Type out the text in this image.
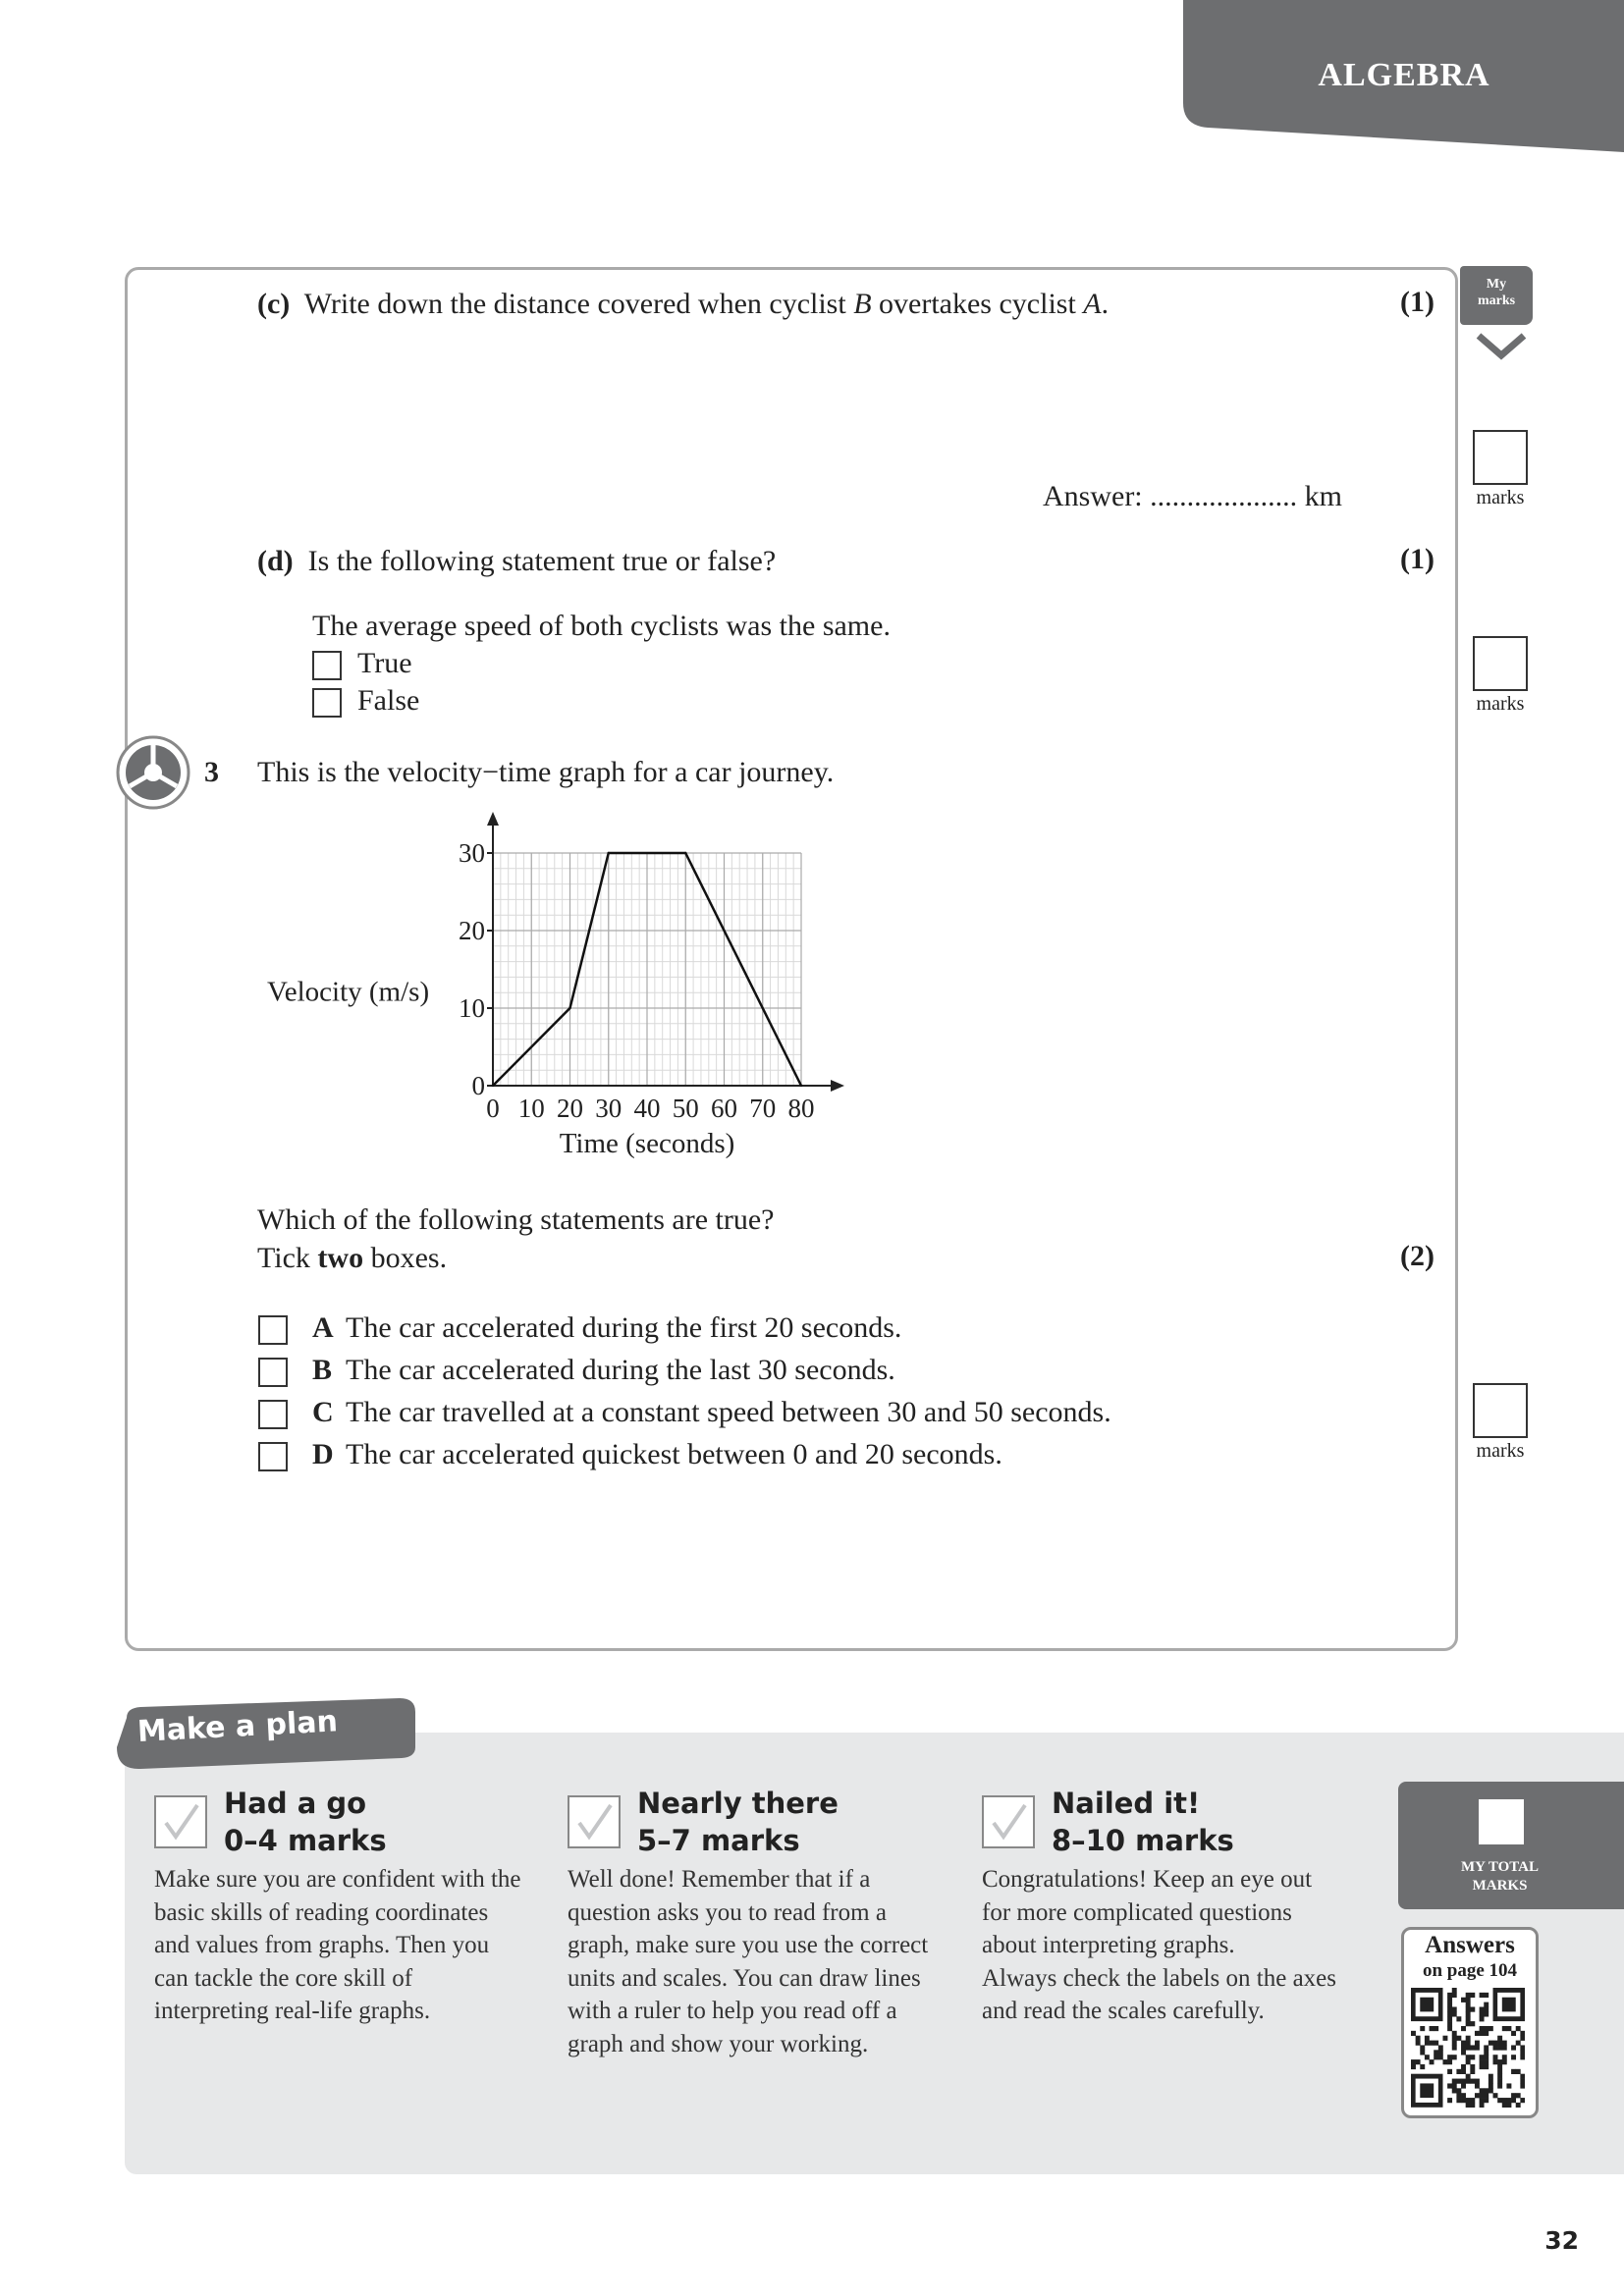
ALGEBRA
(c) Write down the distance covered when cyclist B overtakes cyclist A.	(1)
Answer: .................... km
(d) Is the following statement true or false?	(1)
The average speed of both cyclists was the same.
True
False
3 This is the velocity−time graph for a car journey.
0 10 20 30 40 50 60 70 80
0
10
20
30
Time (seconds)
Velocity (m/s)
Which of the following statements are true?
Tick two boxes.	(2)
A The car accelerated during the first 20 seconds.
B The car accelerated during the last 30 seconds.
C The car travelled at a constant speed between 30 and 50 seconds.
D The car accelerated quickest between 0 and 20 seconds.
My
marks
marks
marks
marks
Make a plan
Had a go
0–4 marks
Make sure you are confident with the
basic skills of reading coordinates
and values from graphs. Then you
can tackle the core skill of
interpreting real-life graphs.
Nearly there
5–7 marks
Well done! Remember that if a
question asks you to read from a
graph, make sure you use the correct
units and scales. You can draw lines
with a ruler to help you read off a
graph and show your working.
Nailed it!
8–10 marks
Congratulations! Keep an eye out
for more complicated questions
about interpreting graphs.
Always check the labels on the axes
and read the scales carefully.
MY TOTAL
MARKS
Answers
on page 104
32
